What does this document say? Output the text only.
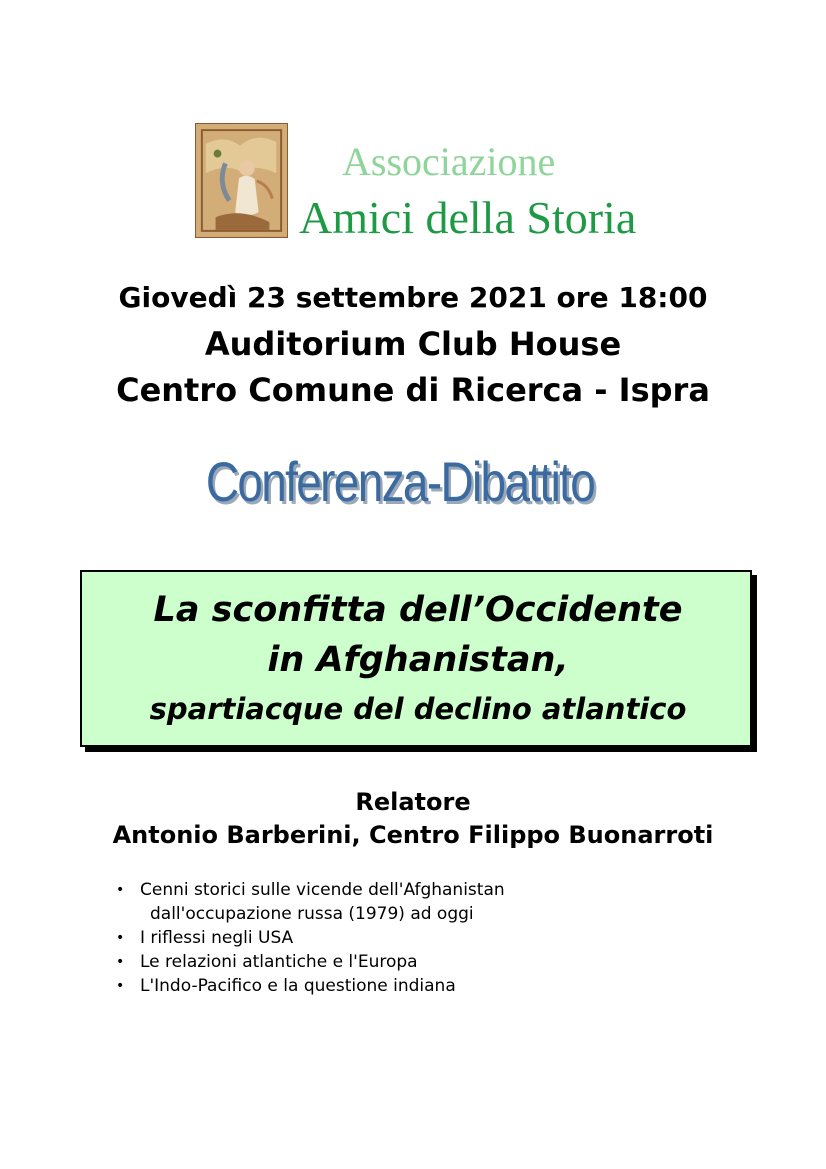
Associazione
Amici della Storia
Giovedì 23 settembre 2021 ore 18:00
Auditorium Club House
Centro Comune di Ricerca - Ispra
Conferenza-Dibattito
La sconfitta dell’Occidente
in Afghanistan,
spartiacque del declino atlantico
Relatore
Antonio Barberini, Centro Filippo Buonarroti
• Cenni storici sulle vicende dell'Afghanistan
dall'occupazione russa (1979) ad oggi
• I riflessi negli USA
• Le relazioni atlantiche e l'Europa
• L'Indo-Pacifico e la questione indiana
